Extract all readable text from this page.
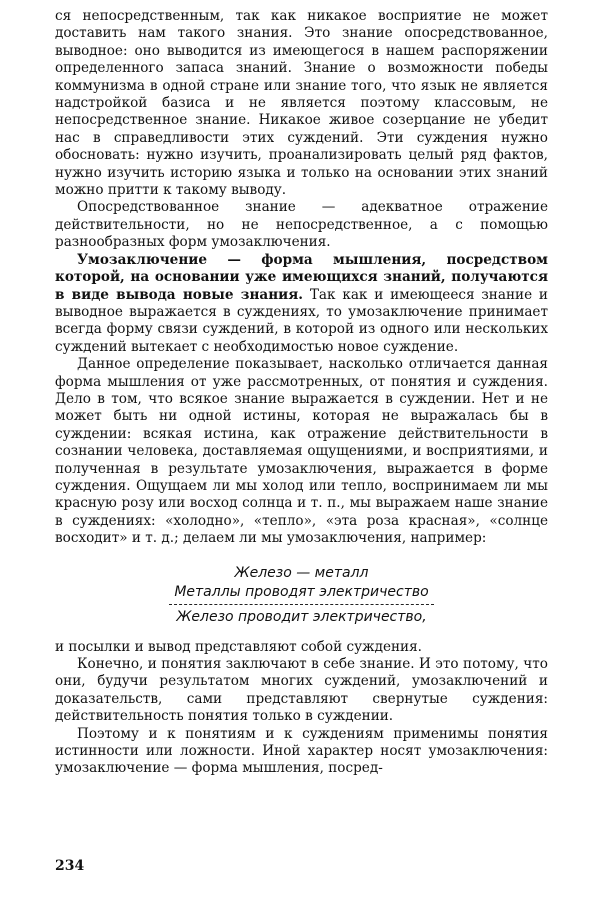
ся непосредственным, так как никакое восприятие не может доставить нам такого знания. Это знание опосредствованное, выводное: оно выводится из имеющегося в нашем распоряжении определенного запаса знаний. Знание о возможности победы коммунизма в одной стране или знание того, что язык не является надстройкой базиса и не является поэтому классовым, не непосредственное знание. Никакое живое созерцание не убедит нас в справедливости этих суждений. Эти суждения нужно обосновать: нужно изучить, проанализировать целый ряд фактов, нужно изучить историю языка и только на основании этих знаний можно притти к такому выводу.

Опосредствованное знание — адекватное отражение действительности, но не непосредственное, а с помощью разнообразных форм умозаключения.

Умозаключение — форма мышления, посредством которой, на основании уже имеющихся знаний, получаются в виде вывода новые знания. Так как и имеющееся знание и выводное выражается в суждениях, то умозаключение принимает всегда форму связи суждений, в которой из одного или нескольких суждений вытекает с необходимостью новое суждение.

Данное определение показывает, насколько отличается данная форма мышления от уже рассмотренных, от понятия и суждения. Дело в том, что всякое знание выражается в суждении. Нет и не может быть ни одной истины, которая не выражалась бы в суждении: всякая истина, как отражение действительности в сознании человека, доставляемая ощущениями, и восприятиями, и полученная в результате умозаключения, выражается в форме суждения. Ощущаем ли мы холод или тепло, воспринимаем ли мы красную розу или восход солнца и т. п., мы выражаем наше знание в суждениях: «холодно», «тепло», «эта роза красная», «солнце восходит» и т. д.; делаем ли мы умозаключения, например:

Железо — металл
Металлы проводят электричество
Железо проводит электричество,

и посылки и вывод представляют собой суждения.

Конечно, и понятия заключают в себе знание. И это потому, что они, будучи результатом многих суждений, умозаключений и доказательств, сами представляют свернутые суждения: действительность понятия только в суждении.

Поэтому и к понятиям и к суждениям применимы понятия истинности или ложности. Иной характер носят умозаключения: умозаключение — форма мышления, посред-

234
